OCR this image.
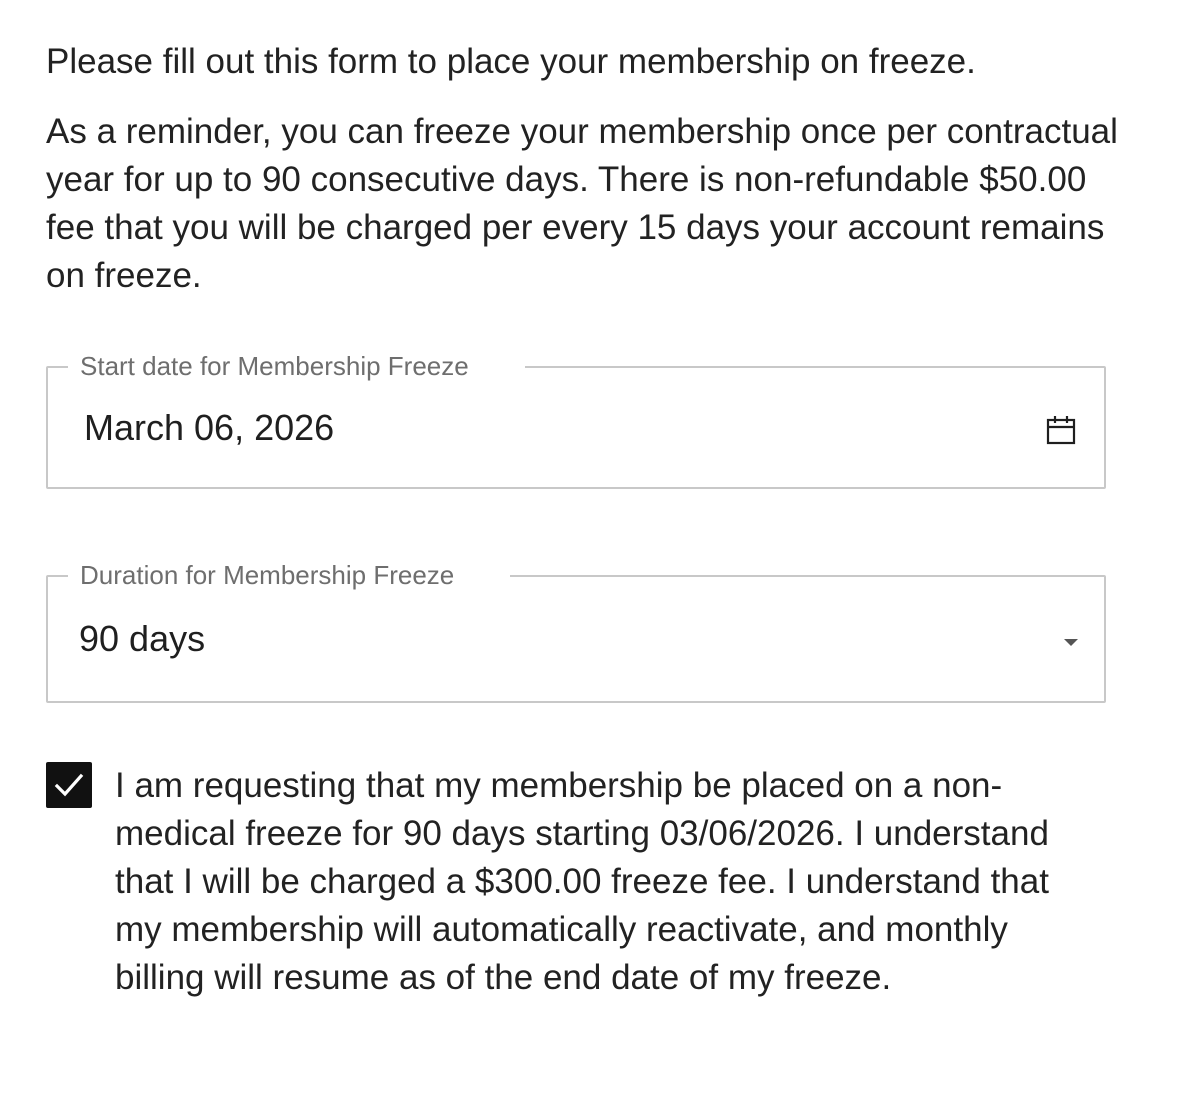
Please fill out this form to place your membership on freeze.

As a reminder, you can freeze your membership once per contractual year for up to 90 consecutive days. There is non-refundable $50.00 fee that you will be charged per every 15 days your account remains on freeze.

Start date for Membership Freeze
March 06, 2026
Duration for Membership Freeze
90 days

I am requesting that my membership be placed on a non-medical freeze for 90 days starting 03/06/2026. I understand that I will be charged a $300.00 freeze fee. I understand that my membership will automatically reactivate, and monthly billing will resume as of the end date of my freeze.
